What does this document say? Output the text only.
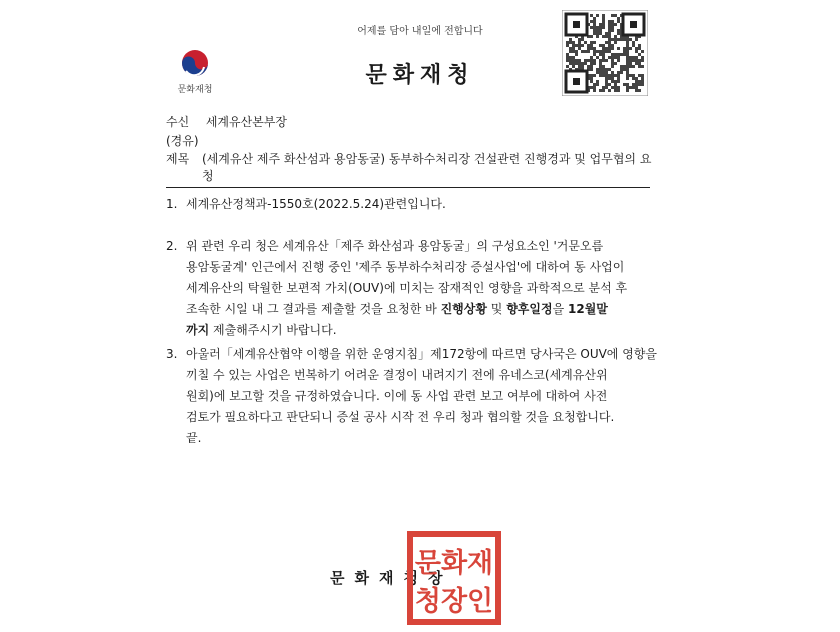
어제를 담아 내일에 전합니다
문화재청
문화재청
수신 세계유산본부장
(경유)
제목 (세계유산 제주 화산섬과 용암동굴) 동부하수처리장 건설관련 진행경과 및 업무협의 요청
1. 세계유산정책과-1550호(2022.5.24)관련입니다.
2. 위 관련 우리 청은 세계유산「제주 화산섬과 용암동굴」의 구성요소인 '거문오름
용암동굴계' 인근에서 진행 중인 '제주 동부하수처리장 증설사업'에 대하여 동 사업이
세계유산의 탁월한 보편적 가치(OUV)에 미치는 잠재적인 영향을 과학적으로 분석 후
조속한 시일 내 그 결과를 제출할 것을 요청한 바 진행상황 및 향후일정을 12월말
까지 제출해주시기 바랍니다.
3. 아울러「세계유산협약 이행을 위한 운영지침」제172항에 따르면 당사국은 OUV에 영향을
끼칠 수 있는 사업은 번복하기 어려운 결정이 내려지기 전에 유네스코(세계유산위
원회)에 보고할 것을 규정하였습니다. 이에 동 사업 관련 보고 여부에 대하여 사전
검토가 필요하다고 판단되니 증설 공사 시작 전 우리 청과 협의할 것을 요청합니다.
끝.
문화재청장
문화재
청장인
